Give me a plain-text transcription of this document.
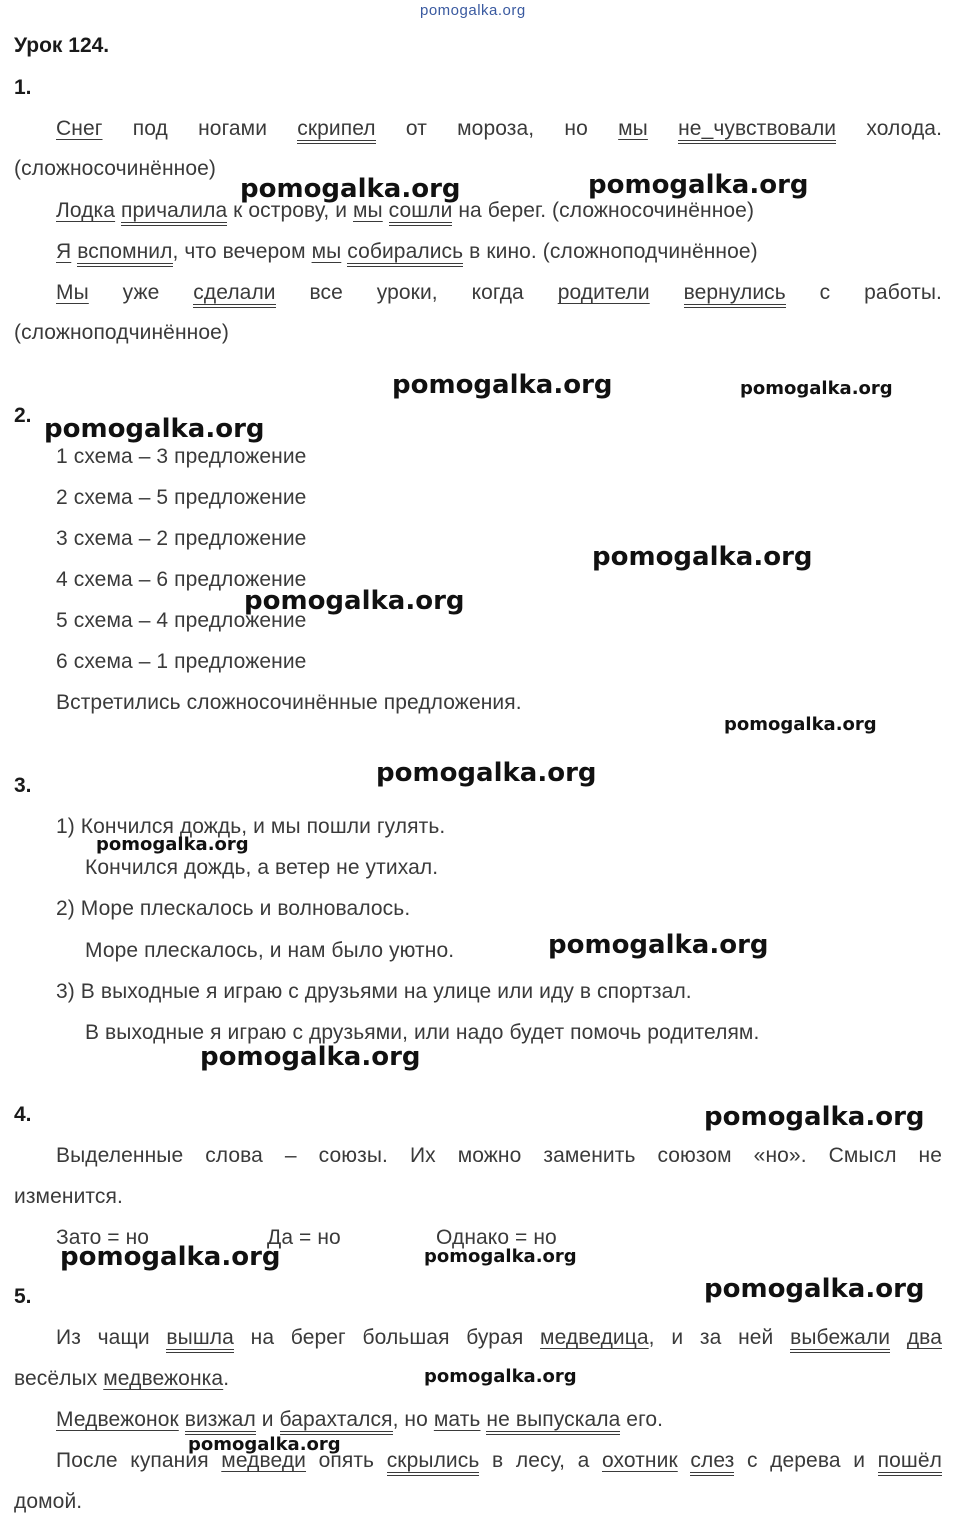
pomogalka.org
Урок 124.
1.
Снег под ногами скрипел от мороза, но мы не_чувствовали холода.
(сложносочинённое)
Лодка причалила к острову, и мы сошли на берег. (сложносочинённое)
Я вспомнил, что вечером мы собирались в кино. (сложноподчинённое)
Мы уже сделали все уроки, когда родители вернулись с работы.
(сложноподчинённое)
2.
1 схема – 3 предложение
2 схема – 5 предложение
3 схема – 2 предложение
4 схема – 6 предложение
5 схема – 4 предложение
6 схема – 1 предложение
Встретились сложносочинённые предложения.
3.
1) Кончился дождь, и мы пошли гулять.
Кончился дождь, а ветер не утихал.
2) Море плескалось и волновалось.
Море плескалось, и нам было уютно.
3) В выходные я играю с друзьями на улице или иду в спортзал.
В выходные я играю с друзьями, или надо будет помочь родителям.
4.
Выделенные слова – союзы. Их можно заменить союзом «но». Смысл не
изменится.
Зато = но	Да = но	Однако = но
5.
Из чащи вышла на берег большая бурая медведица, и за ней выбежали два
весёлых медвежонка.
Медвежонок визжал и барахтался, но мать не выпускала его.
После купания медведи опять скрылись в лесу, а охотник слез с дерева и пошёл
домой.
pomogalka.org	pomogalka.org
pomogalka.org	pomogalka.org
pomogalka.org
pomogalka.org
pomogalka.org
pomogalka.org
pomogalka.org
pomogalka.org
pomogalka.org
pomogalka.org
pomogalka.org
pomogalka.org	pomogalka.org
pomogalka.org
pomogalka.org
pomogalka.org
